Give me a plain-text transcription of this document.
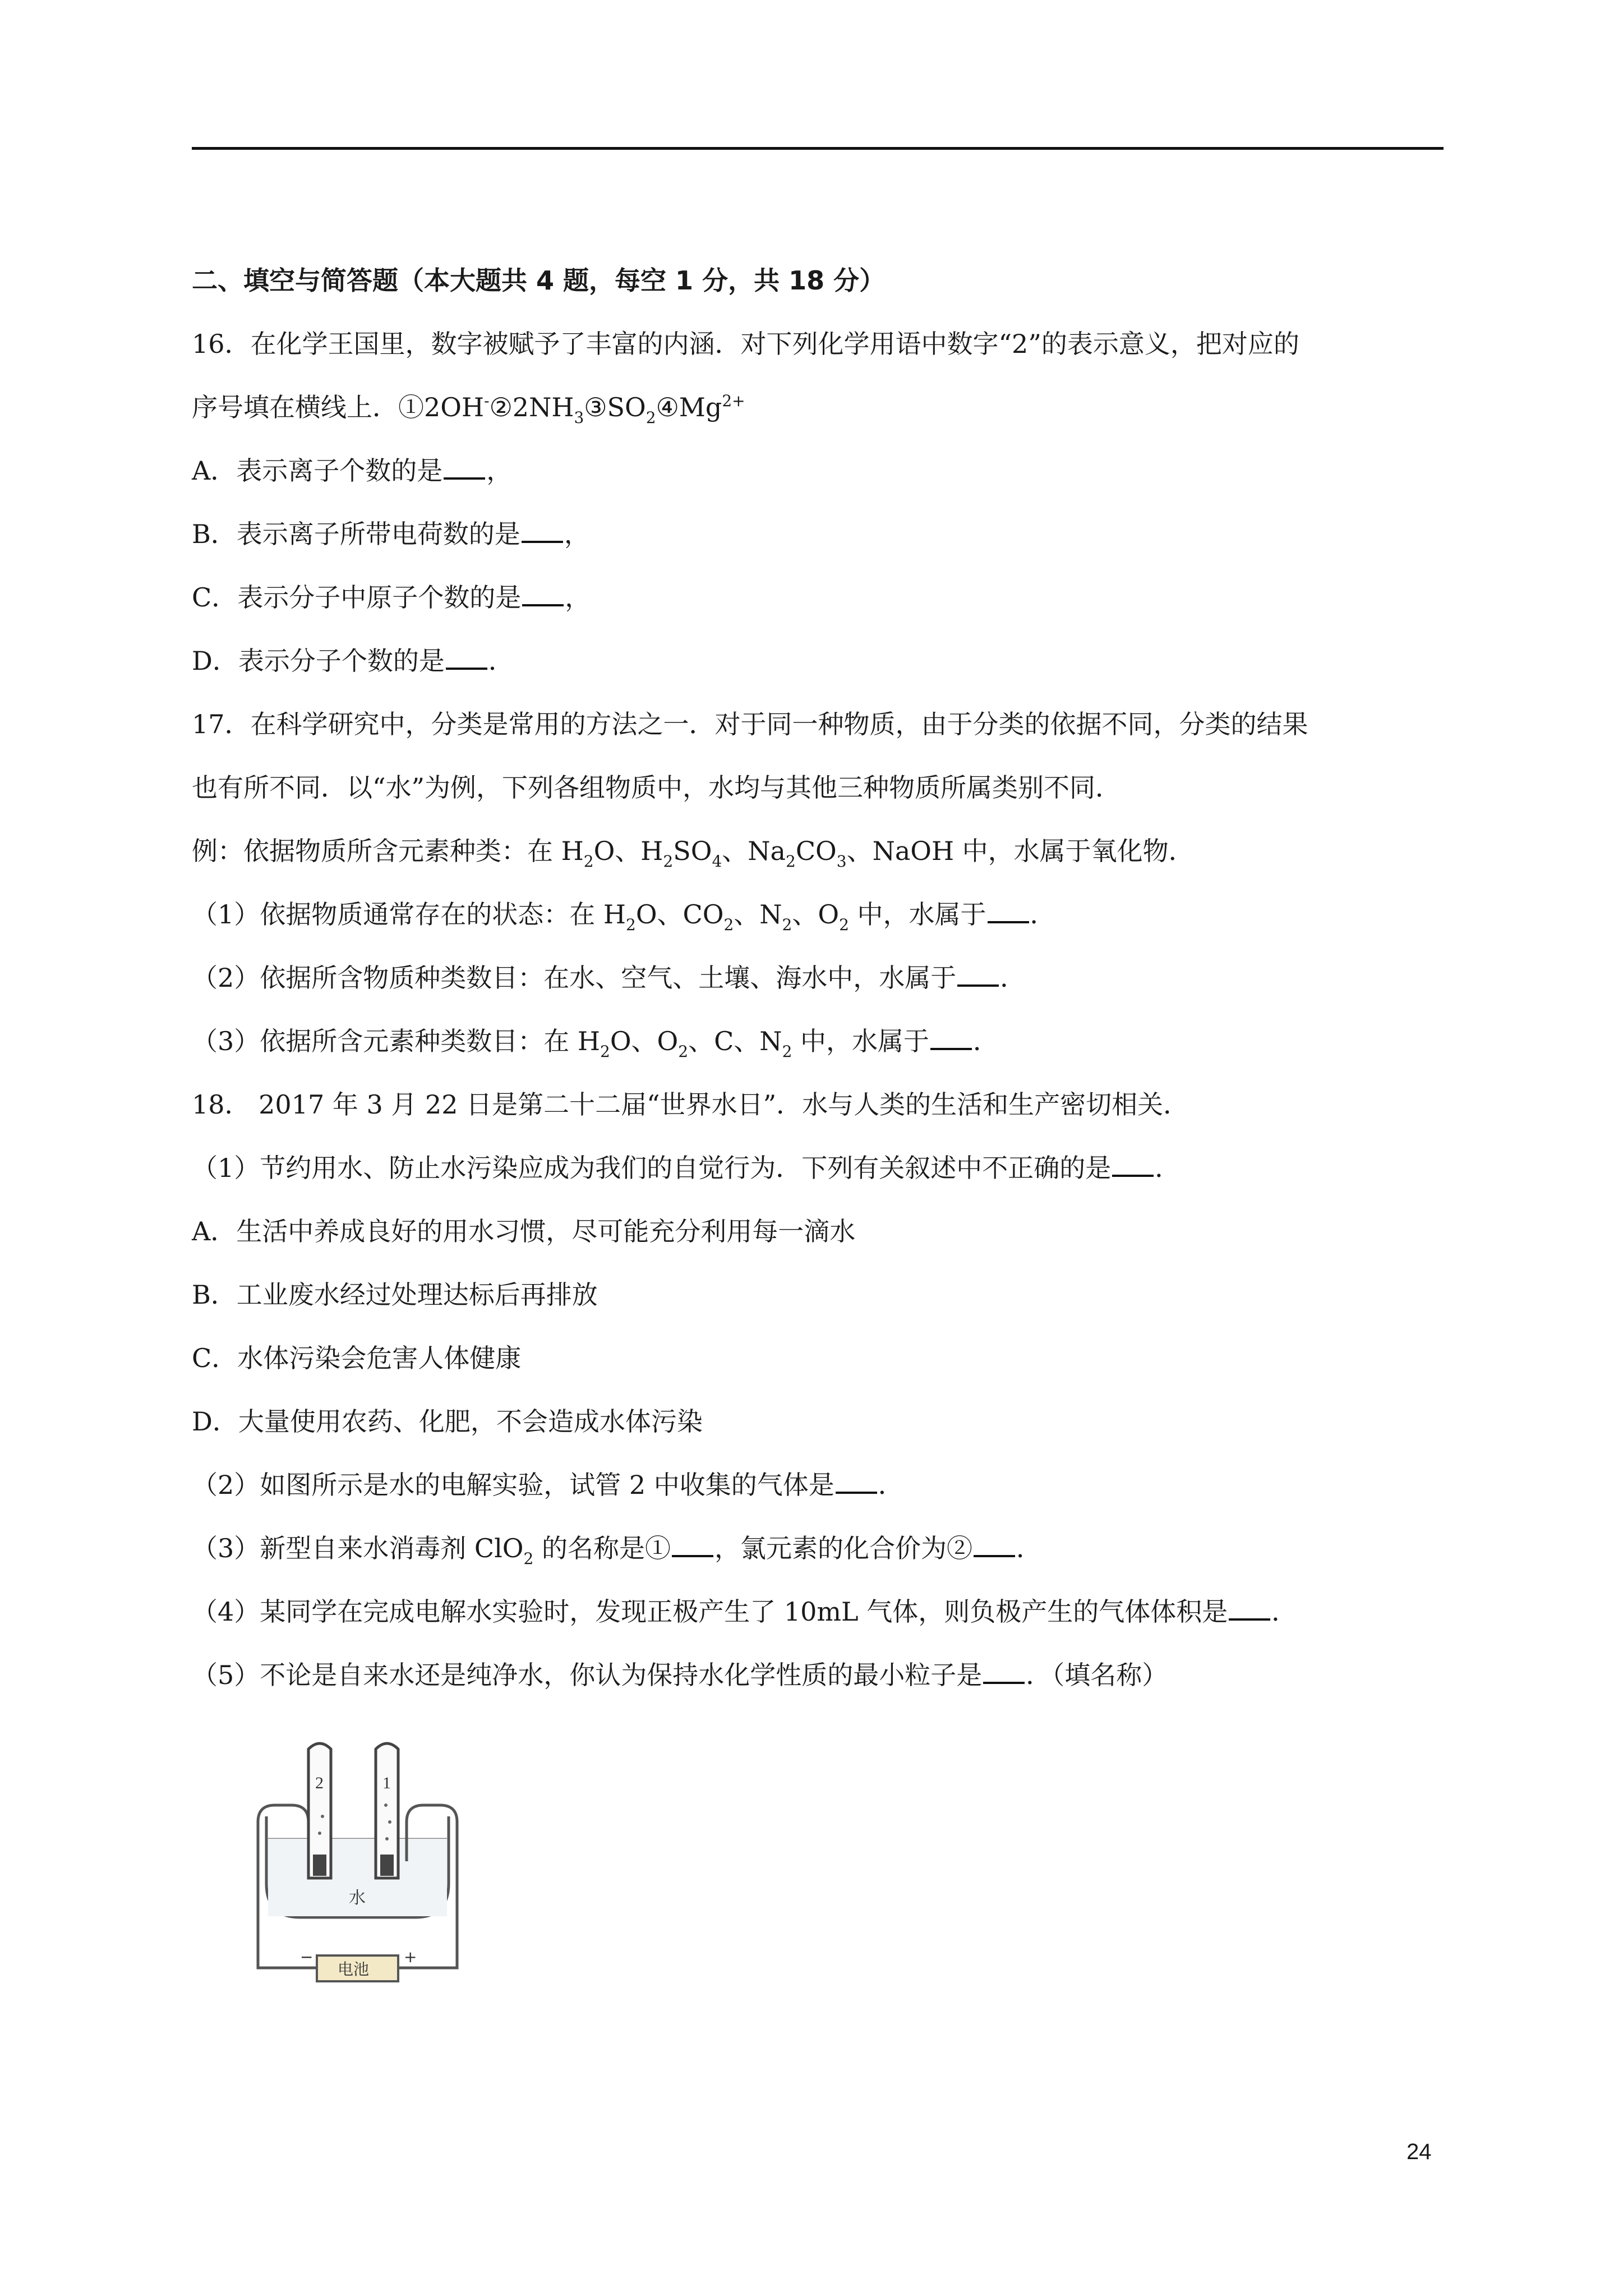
二、填空与简答题（本大题共 4 题，每空 1 分，共 18 分）
16．在化学王国里，数字被赋予了丰富的内涵．对下列化学用语中数字“2”的表示意义，把对应的
序号填在横线上．$①2OH^-②2NH_3③SO_2④Mg^{2+}$
A．表示离子个数的是 ，
B．表示离子所带电荷数的是 ，
C．表示分子中原子个数的是 ，
D．表示分子个数的是 ．
17．在科学研究中，分类是常用的方法之一．对于同一种物质，由于分类的依据不同，分类的结果
也有所不同．以“水”为例，下列各组物质中，水均与其他三种物质所属类别不同．
例：依据物质所含元素种类：在 $H_2O$、$H_2SO_4$、$Na_2CO_3$、NaOH 中，水属于氧化物．
（1）依据物质通常存在的状态：在 $H_2O$、$CO_2$、$N_2$、$O_2$ 中，水属于 ．
（2）依据所含物质种类数目：在水、空气、土壤、海水中，水属于 ．
（3）依据所含元素种类数目：在 $H_2O$、$O_2$、C、$N_2$ 中，水属于 ．
18． 2017 年 3 月 22 日是第二十二届“世界水日”．水与人类的生活和生产密切相关．
（1）节约用水、防止水污染应成为我们的自觉行为．下列有关叙述中不正确的是 ．
A．生活中养成良好的用水习惯，尽可能充分利用每一滴水
B．工业废水经过处理达标后再排放
C．水体污染会危害人体健康
D．大量使用农药、化肥，不会造成水体污染
（2）如图所示是水的电解实验，试管 2 中收集的气体是 ．
（3）新型自来水消毒剂 ClO$_2$ 的名称是① ，氯元素的化合价为② ．
（4）某同学在完成电解水实验时，发现正极产生了 10mL 气体，则负极产生的气体体积是 ．
（5）不论是自来水还是纯净水，你认为保持水化学性质的最小粒子是 ．（填名称）
2	1
水
电池
−	+
24
